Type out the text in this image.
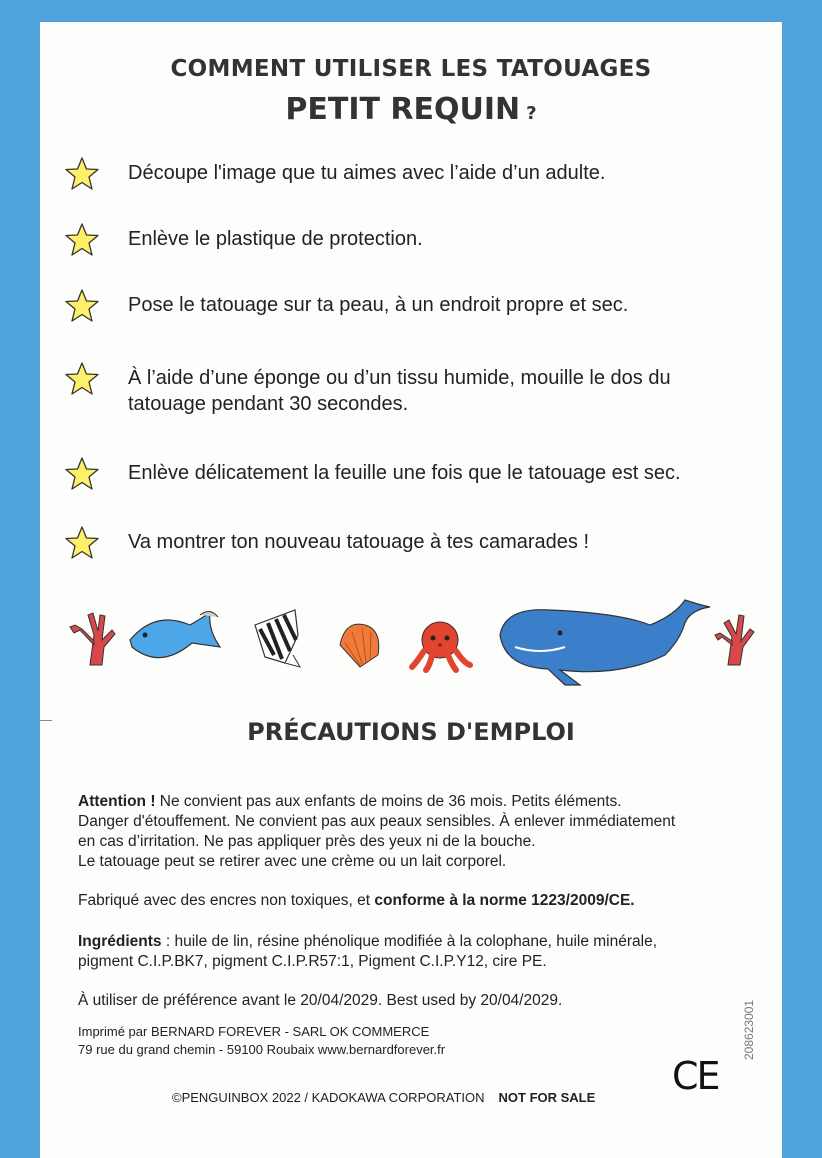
COMMENT UTILISER LES TATOUAGES
PETIT REQUIN ?
Découpe l'image que tu aimes avec l’aide d’un adulte.
Enlève le plastique de protection.
Pose le tatouage sur ta peau, à un endroit propre et sec.
À l’aide d’une éponge ou d’un tissu humide, mouille le dos du
tatouage pendant 30 secondes.
Enlève délicatement la feuille une fois que le tatouage est sec.
Va montrer ton nouveau tatouage à tes camarades !
PRÉCAUTIONS D'EMPLOI
Attention ! Ne convient pas aux enfants de moins de 36 mois. Petits éléments.
Danger d'étouffement. Ne convient pas aux peaux sensibles. À enlever immédiatement
en cas d’irritation. Ne pas appliquer près des yeux ni de la bouche.
Le tatouage peut se retirer avec une crème ou un lait corporel.
Fabriqué avec des encres non toxiques, et conforme à la norme 1223/2009/CE.
Ingrédients : huile de lin, résine phénolique modifiée à la colophane, huile minérale,
pigment C.I.P.BK7, pigment C.I.P.R57:1, Pigment C.I.P.Y12, cire PE.
À utiliser de préférence avant le 20/04/2029. Best used by 20/04/2029.
Imprimé par BERNARD FOREVER - SARL OK COMMERCE
79 rue du grand chemin - 59100 Roubaix www.bernardforever.fr
CE
208623001
©PENGUINBOX 2022 / KADOKAWA CORPORATION NOT FOR SALE
